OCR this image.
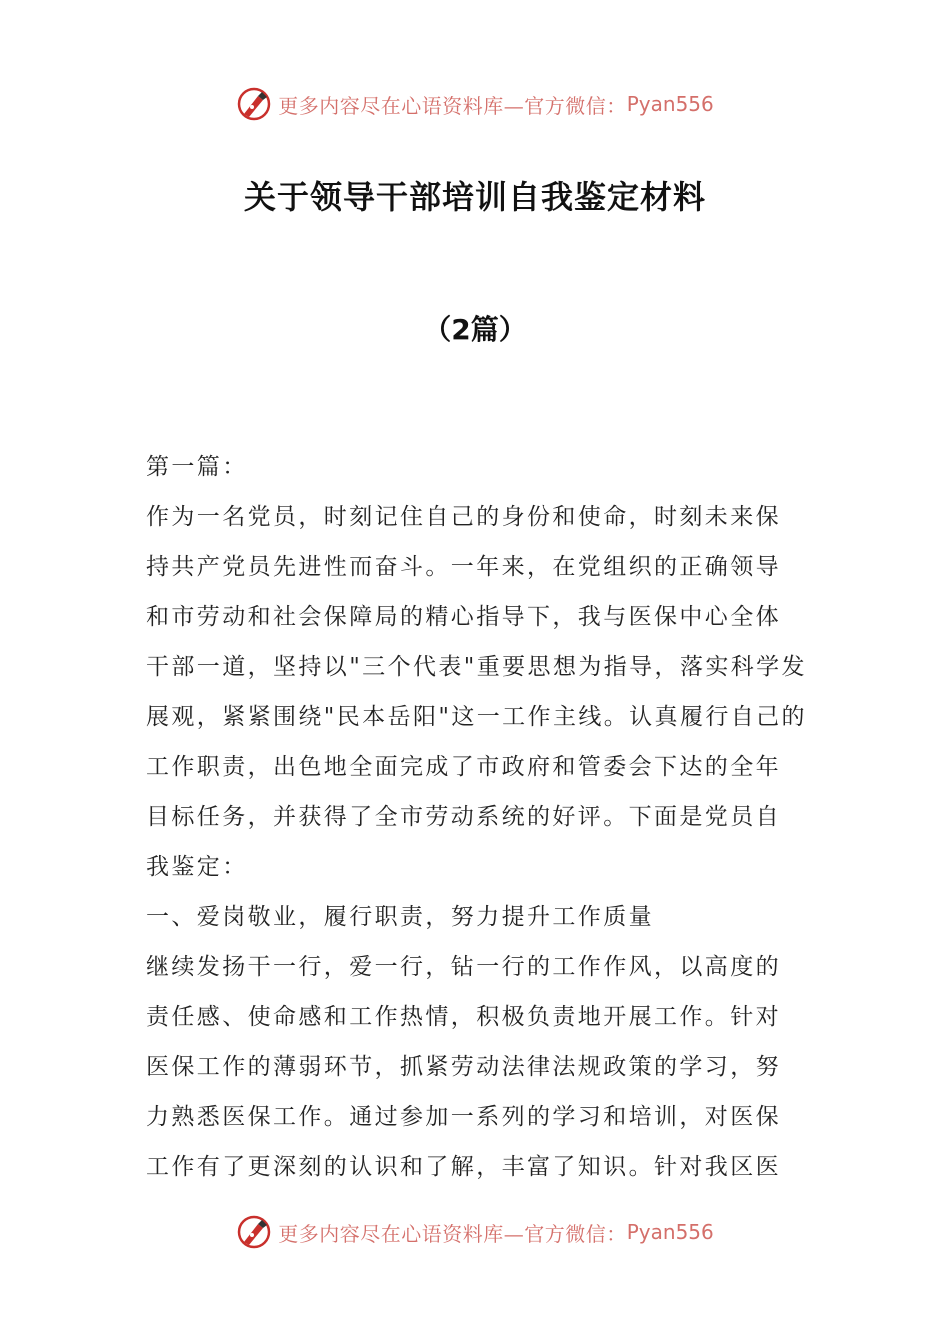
更多内容尽在心语资料库—官方微信： Pyan556
关于领导干部培训自我鉴定材料
（2篇）
第一篇：
作为一名党员，时刻记住自己的身份和使命，时刻未来保
持共产党员先进性而奋斗。一年来，在党组织的正确领导
和市劳动和社会保障局的精心指导下，我与医保中心全体
干部一道，坚持以"三个代表"重要思想为指导，落实科学发
展观，紧紧围绕"民本岳阳"这一工作主线。认真履行自己的
工作职责，出色地全面完成了市政府和管委会下达的全年
目标任务，并获得了全市劳动系统的好评。下面是党员自
我鉴定：
一、爱岗敬业，履行职责，努力提升工作质量
继续发扬干一行，爱一行，钻一行的工作作风，以高度的
责任感、使命感和工作热情，积极负责地开展工作。针对
医保工作的薄弱环节，抓紧劳动法律法规政策的学习，努
力熟悉医保工作。通过参加一系列的学习和培训，对医保
工作有了更深刻的认识和了解，丰富了知识。针对我区医
更多内容尽在心语资料库—官方微信： Pyan556
